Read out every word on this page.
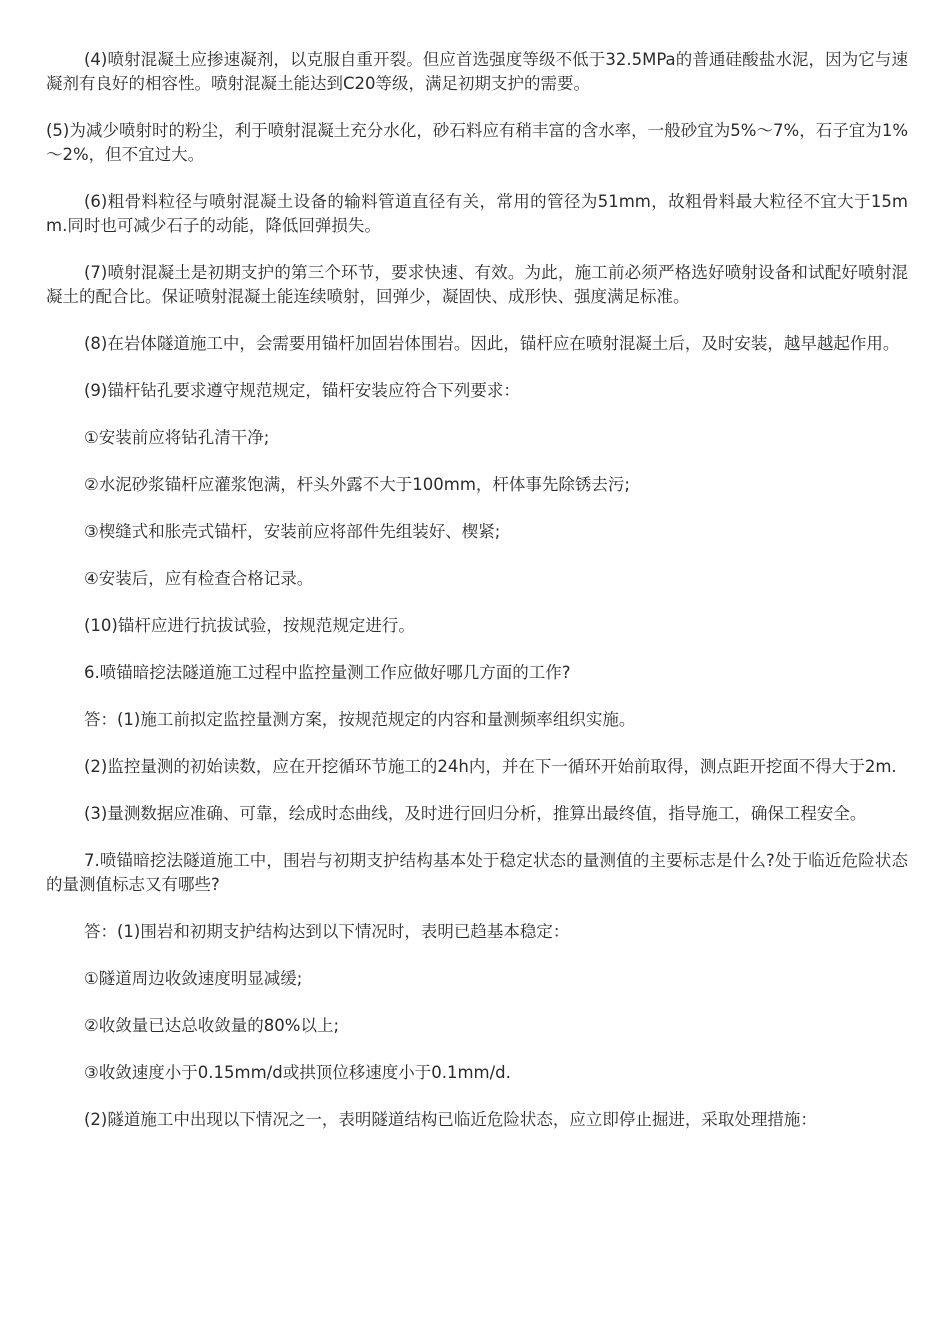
(4)喷射混凝土应掺速凝剂，以克服自重开裂。但应首选强度等级不低于32.5MPa的普通硅酸盐水泥，因为它与速凝剂有良好的相容性。喷射混凝土能达到C20等级，满足初期支护的需要。

(5)为减少喷射时的粉尘，利于喷射混凝土充分水化，砂石料应有稍丰富的含水率，一般砂宜为5%～7%，石子宜为1%～2%，但不宜过大。

(6)粗骨料粒径与喷射混凝土设备的输料管道直径有关，常用的管径为51mm，故粗骨料最大粒径不宜大于15mm.同时也可减少石子的动能，降低回弹损失。

(7)喷射混凝土是初期支护的第三个环节，要求快速、有效。为此，施工前必须严格选好喷射设备和试配好喷射混凝土的配合比。保证喷射混凝土能连续喷射，回弹少，凝固快、成形快、强度满足标准。

(8)在岩体隧道施工中，会需要用锚杆加固岩体围岩。因此，锚杆应在喷射混凝土后，及时安装，越早越起作用。

(9)锚杆钻孔要求遵守规范规定，锚杆安装应符合下列要求：

①安装前应将钻孔清干净;

②水泥砂浆锚杆应灌浆饱满，杆头外露不大于100mm，杆体事先除锈去污;

③楔缝式和胀壳式锚杆，安装前应将部件先组装好、楔紧;

④安装后，应有检查合格记录。

(10)锚杆应进行抗拔试验，按规范规定进行。

6.喷锚暗挖法隧道施工过程中监控量测工作应做好哪几方面的工作?

答：(1)施工前拟定监控量测方案，按规范规定的内容和量测频率组织实施。

(2)监控量测的初始读数，应在开挖循环节施工的24h内，并在下一循环开始前取得，测点距开挖面不得大于2m.

(3)量测数据应准确、可靠，绘成时态曲线，及时进行回归分析，推算出最终值，指导施工，确保工程安全。

7.喷锚暗挖法隧道施工中，围岩与初期支护结构基本处于稳定状态的量测值的主要标志是什么?处于临近危险状态的量测值标志又有哪些?

答：(1)围岩和初期支护结构达到以下情况时，表明已趋基本稳定：

①隧道周边收敛速度明显减缓;

②收敛量已达总收敛量的80%以上;

③收敛速度小于0.15mm/d或拱顶位移速度小于0.1mm/d.

(2)隧道施工中出现以下情况之一，表明隧道结构已临近危险状态，应立即停止掘进，采取处理措施：
